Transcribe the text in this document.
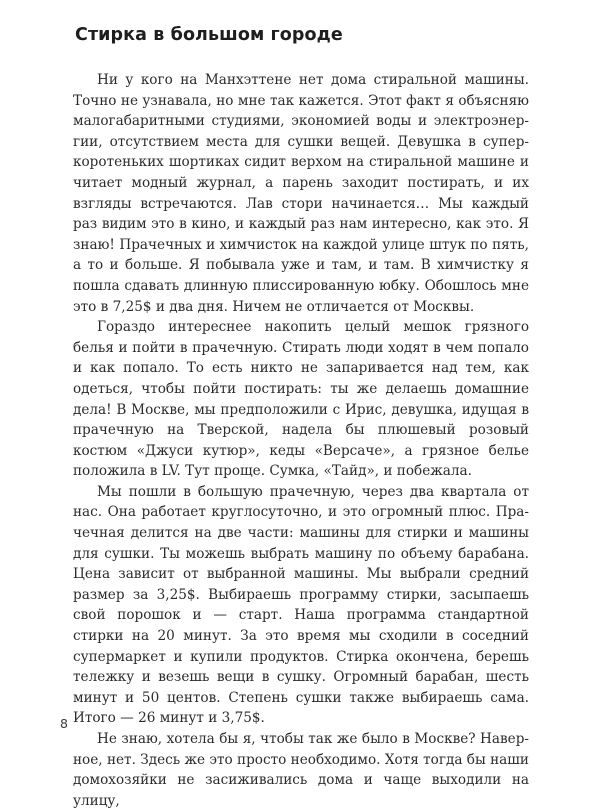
Стирка в большом городе

Ни у кого на Манхэттене нет дома стиральной машины. Точно не узнавала, но мне так кажется. Этот факт я объясняю малогабаритными студиями, экономией воды и электроэнергии, отсутствием места для сушки вещей. Девушка в суперкоротеньких шортиках сидит верхом на стиральной машине и читает модный журнал, а парень заходит постирать, и их взгляды встречаются. Лав стори начинается… Мы каждый раз видим это в кино, и каждый раз нам интересно, как это. Я знаю! Прачечных и химчисток на каждой улице штук по пять, а то и больше. Я побывала уже и там, и там. В химчистку я пошла сдавать длинную плиссированную юбку. Обошлось мне это в 7,25$ и два дня. Ничем не отличается от Москвы.

Гораздо интереснее накопить целый мешок грязного белья и пойти в прачечную. Стирать люди ходят в чем попало и как попало. То есть никто не запаривается над тем, как одеться, чтобы пойти постирать: ты же делаешь домашние дела! В Москве, мы предположили с Ирис, девушка, идущая в прачечную на Тверской, надела бы плюшевый розовый костюм «Джуси кутюр», кеды «Версаче», а грязное белье положила в LV. Тут проще. Сумка, «Тайд», и побежала.

Мы пошли в большую прачечную, через два квартала от нас. Она работает круглосуточно, и это огромный плюс. Прачечная делится на две части: машины для стирки и машины для сушки. Ты можешь выбрать машину по объему барабана. Цена зависит от выбранной машины. Мы выбрали средний размер за 3,25$. Выбираешь программу стирки, засыпаешь свой порошок и — старт. Наша программа стандартной стирки на 20 минут. За это время мы сходили в соседний супермаркет и купили продуктов. Стирка окончена, берешь тележку и везешь вещи в сушку. Огромный барабан, шесть минут и 50 центов. Степень сушки также выбираешь сама. Итого — 26 минут и 3,75$.

Не знаю, хотела бы я, чтобы так же было в Москве? Наверное, нет. Здесь же это просто необходимо. Хотя тогда бы наши домохозяйки не засиживались дома и чаще выходили на улицу,

8
